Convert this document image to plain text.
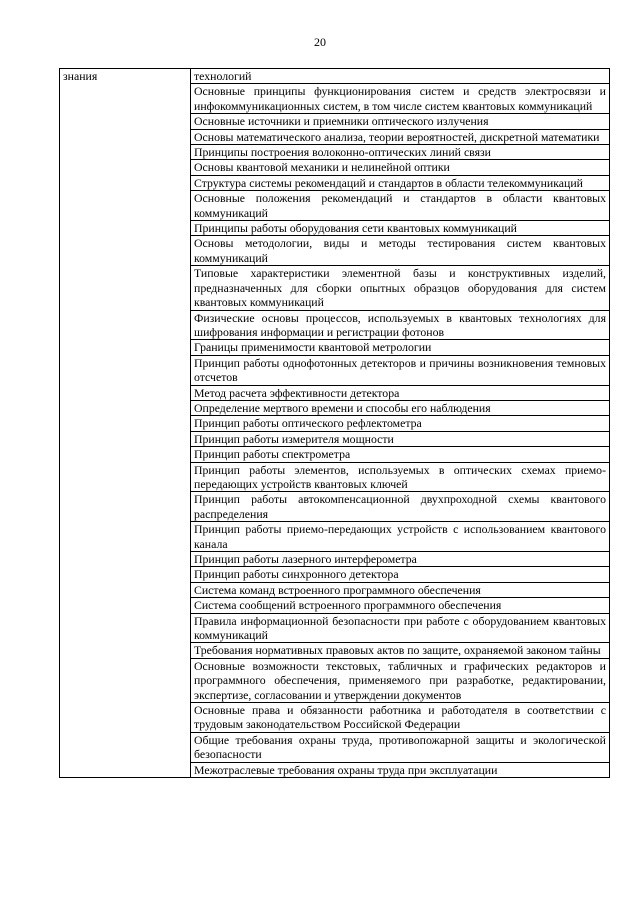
20
знания	технологий
Основные принципы функционирования систем и средств электросвязи и инфокоммуникационных систем, в том числе систем квантовых коммуникаций
Основные источники и приемники оптического излучения
Основы математического анализа, теории вероятностей, дискретной математики
Принципы построения волоконно-оптических линий связи
Основы квантовой механики и нелинейной оптики
Структура системы рекомендаций и стандартов в области телекоммуникаций
Основные положения рекомендаций и стандартов в области квантовых коммуникаций
Принципы работы оборудования сети квантовых коммуникаций
Основы методологии, виды и методы тестирования систем квантовых коммуникаций
Типовые характеристики элементной базы и конструктивных изделий, предназначенных для сборки опытных образцов оборудования для систем квантовых коммуникаций
Физические основы процессов, используемых в квантовых технологиях для шифрования информации и регистрации фотонов
Границы применимости квантовой метрологии
Принцип работы однофотонных детекторов и причины возникновения темновых отсчетов
Метод расчета эффективности детектора
Определение мертвого времени и способы его наблюдения
Принцип работы оптического рефлектометра
Принцип работы измерителя мощности
Принцип работы спектрометра
Принцип работы элементов, используемых в оптических схемах приемо-передающих устройств квантовых ключей
Принцип работы автокомпенсационной двухпроходной схемы квантового распределения
Принцип работы приемо-передающих устройств с использованием квантового канала
Принцип работы лазерного интерферометра
Принцип работы синхронного детектора
Система команд встроенного программного обеспечения
Система сообщений встроенного программного обеспечения
Правила информационной безопасности при работе с оборудованием квантовых коммуникаций
Требования нормативных правовых актов по защите, охраняемой законом тайны
Основные возможности текстовых, табличных и графических редакторов и программного обеспечения, применяемого при разработке, редактировании, экспертизе, согласовании и утверждении документов
Основные права и обязанности работника и работодателя в соответствии с трудовым законодательством Российской Федерации
Общие требования охраны труда, противопожарной защиты и экологической безопасности
Межотраслевые требования охраны труда при эксплуатации
